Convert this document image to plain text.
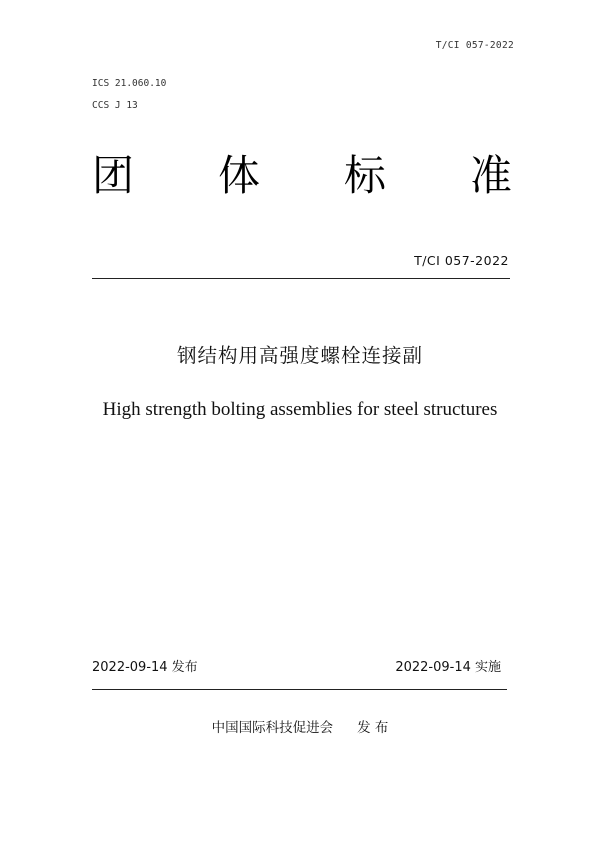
T/CI 057-2022
ICS 21.060.10
CCS J 13
团 体 标 准
T/CI 057-2022
钢结构用高强度螺栓连接副
High strength bolting assemblies for steel structures
2022-09-14 发布	2022-09-14 实施
中国国际科技促进会 发 布
